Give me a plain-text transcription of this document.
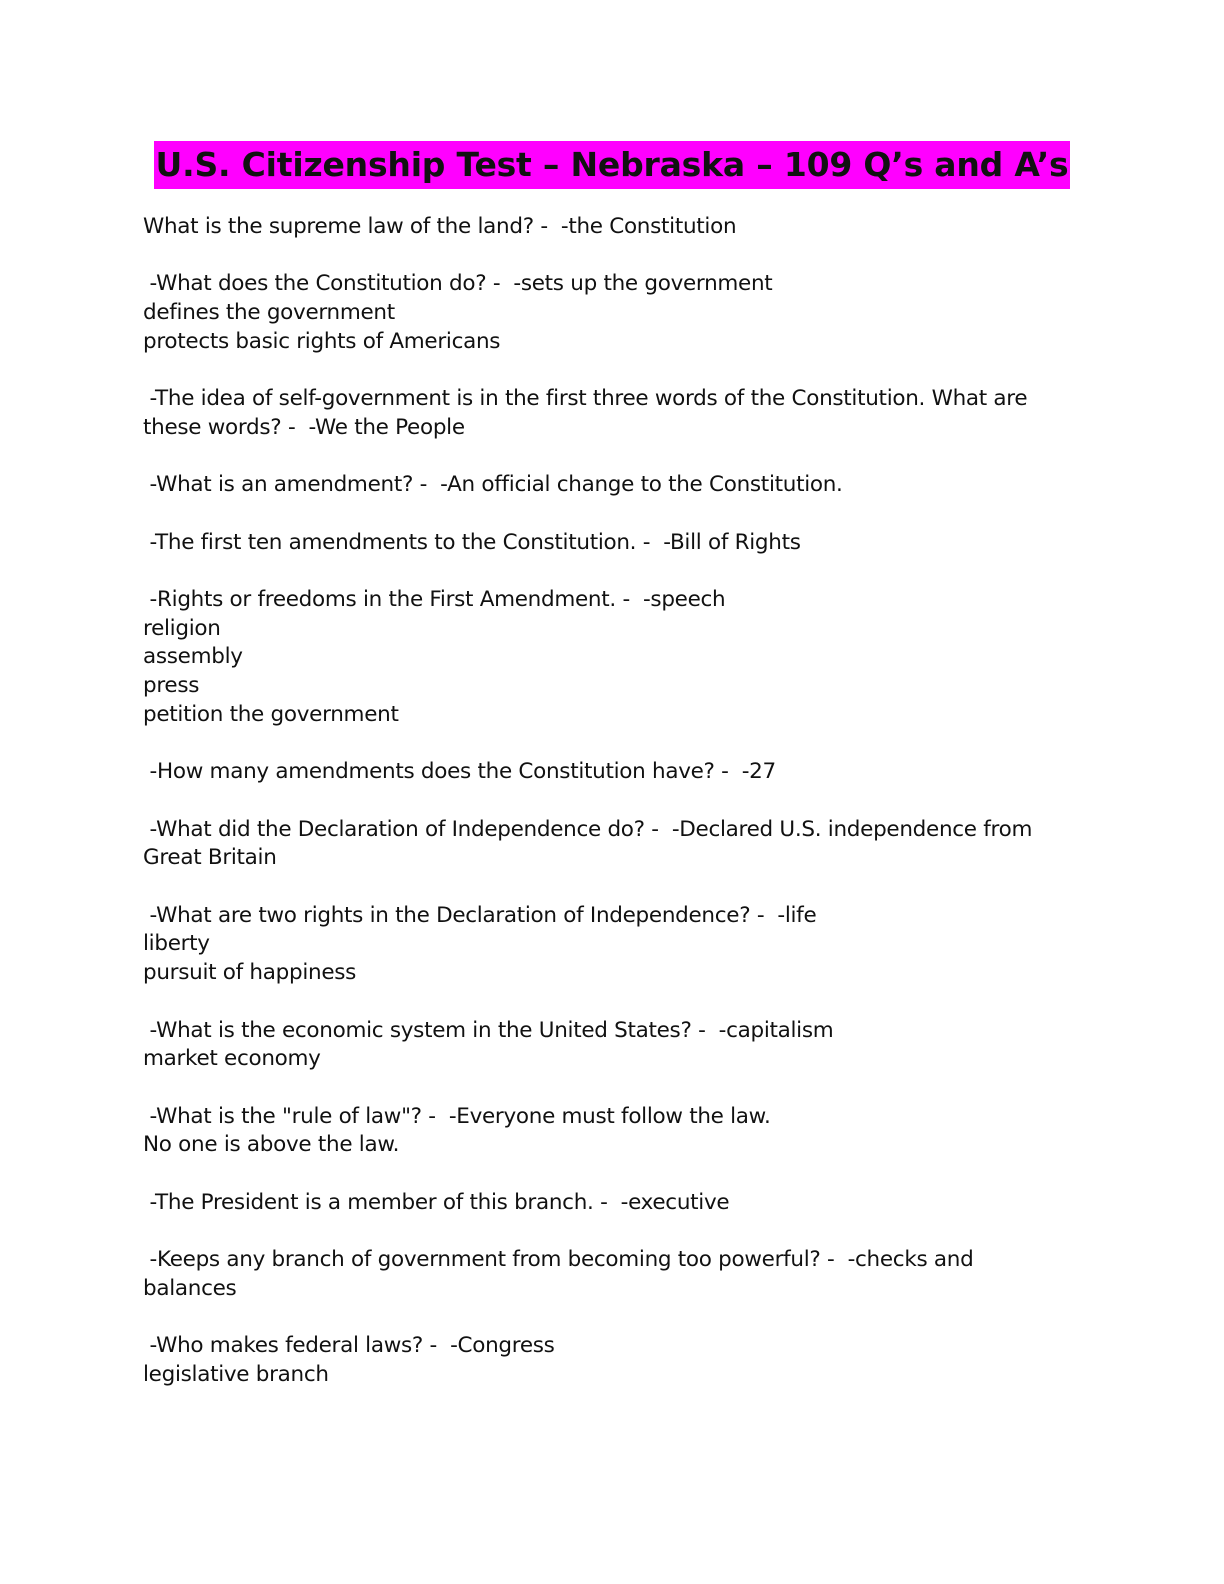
U.S. Citizenship Test – Nebraska – 109 Q’s and A’s
What is the supreme law of the land? -  -the Constitution
-What does the Constitution do? -  -sets up the government
defines the government
protects basic rights of Americans
-The idea of self-government is in the first three words of the Constitution. What are
these words? -  -We the People
-What is an amendment? -  -An official change to the Constitution.
-The first ten amendments to the Constitution. -  -Bill of Rights
-Rights or freedoms in the First Amendment. -  -speech
religion
assembly
press
petition the government
-How many amendments does the Constitution have? -  -27
-What did the Declaration of Independence do? -  -Declared U.S. independence from
Great Britain
-What are two rights in the Declaration of Independence? -  -life
liberty
pursuit of happiness
-What is the economic system in the United States? -  -capitalism
market economy
-What is the "rule of law"? -  -Everyone must follow the law.
No one is above the law.
-The President is a member of this branch. -  -executive
-Keeps any branch of government from becoming too powerful? -  -checks and
balances
-Who makes federal laws? -  -Congress
legislative branch
